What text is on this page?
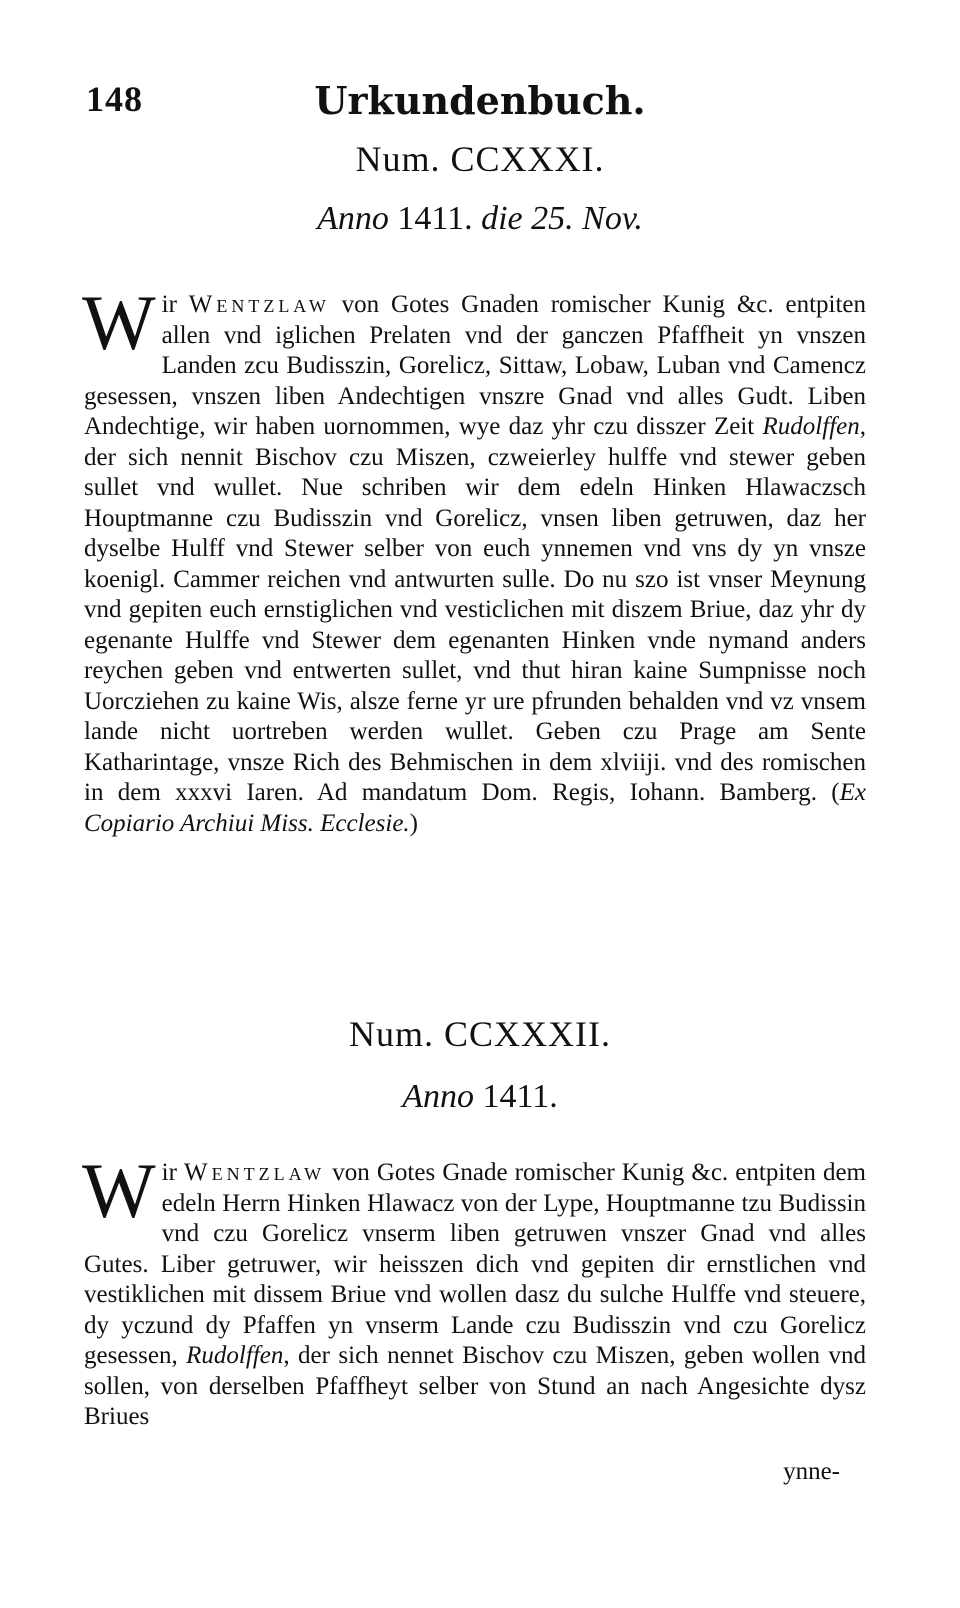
148	Urkundenbuch.
Num. CCXXXI.
Anno 1411. die 25. Nov.

Wir Wentzlaw von Gotes Gnaden romischer Kunig &c. entpiten allen vnd iglichen Prelaten vnd der ganczen Pfaffheit yn vnszen Landen zcu Budisszin, Gorelicz, Sittaw, Lobaw, Luban vnd Camencz gesessen, vnszen liben Andechtigen vnszre Gnad vnd alles Gudt. Liben Andechtige, wir haben uornommen, wye daz yhr czu disszer Zeit Rudolffen, der sich nennit Bischov czu Miszen, czweierley hulffe vnd stewer geben sullet vnd wullet. Nue schriben wir dem edeln Hinken Hlawaczsch Houptmanne czu Budisszin vnd Gorelicz, vnsen liben getruwen, daz her dyselbe Hulff vnd Stewer selber von euch ynnemen vnd vns dy yn vnsze koenigl. Cammer reichen vnd antwurten sulle. Do nu szo ist vnser Meynung vnd gepiten euch ernstiglichen vnd vesticlichen mit diszem Briue, daz yhr dy egenante Hulffe vnd Stewer dem egenanten Hinken vnde nymand anders reychen geben vnd entwerten sullet, vnd thut hiran kaine Sumpnisse noch Uorcziehen zu kaine Wis, alsze ferne yr ure pfrunden behalden vnd vz vnsem lande nicht uortreben werden wullet. Geben czu Prage am Sente Katharintage, vnsze Rich des Behmischen in dem xlviiji. vnd des romischen in dem xxxvi Iaren. Ad mandatum Dom. Regis, Iohann. Bamberg. (Ex Copiario Archiui Miss. Ecclesie.)

Num. CCXXXII.
Anno 1411.

Wir Wentzlaw von Gotes Gnade romischer Kunig &c. entpiten dem edeln Herrn Hinken Hlawacz von der Lype, Houptmanne tzu Budissin vnd czu Gorelicz vnserm liben getruwen vnszer Gnad vnd alles Gutes. Liber getruwer, wir heisszen dich vnd gepiten dir ernstlichen vnd vestiklichen mit dissem Briue vnd wollen dasz du sulche Hulffe vnd steuere, dy yczund dy Pfaffen yn vnserm Lande czu Budisszin vnd czu Gorelicz gesessen, Rudolffen, der sich nennet Bischov czu Miszen, geben wollen vnd sollen, von derselben Pfaffheyt selber von Stund an nach Angesichte dysz Briues

ynne-
